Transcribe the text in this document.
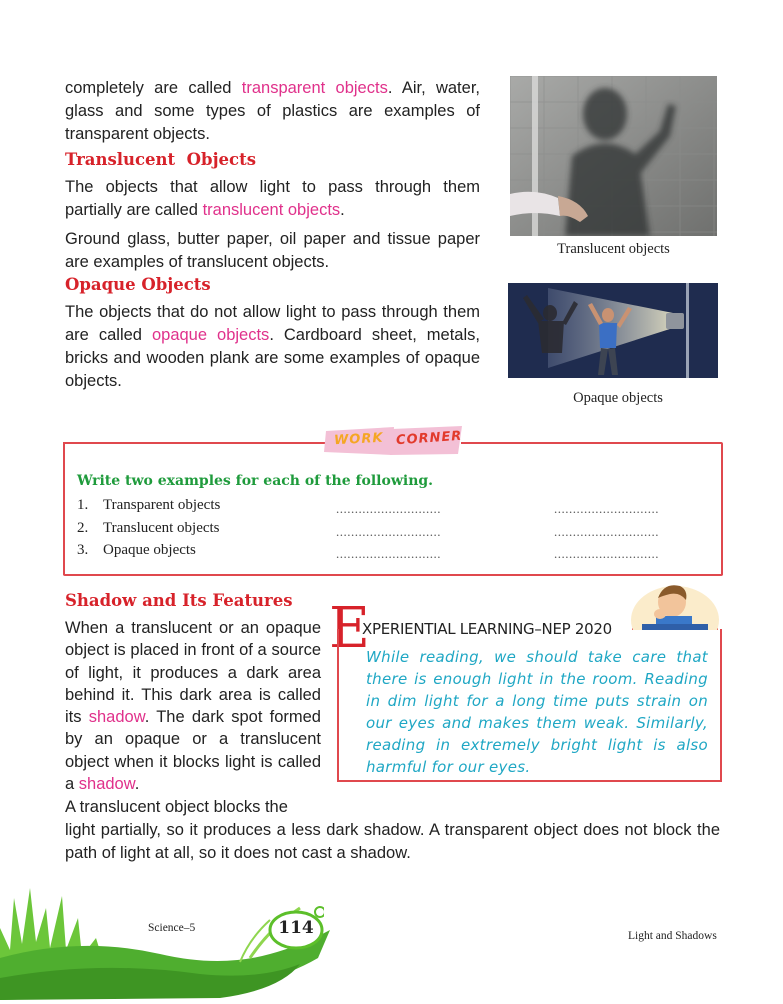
completely are called transparent objects. Air, water, glass and some types of plastics are examples of transparent objects.

Translucent  Objects

The objects that allow light to pass through them partially are called translucent objects.

Ground glass, butter paper, oil paper and tissue paper are examples of translucent objects.

Opaque Objects

The objects that do not allow light to pass through them are called opaque objects. Cardboard sheet, metals, bricks and wooden plank are some examples of opaque objects.

Translucent objects
Opaque objects
WORK CORNER
Write two examples for each of the following.
1. Transparent objects	............................	............................
2. Translucent objects	............................	............................
3. Opaque objects	............................	............................
Shadow and Its Features

When a translucent or an opaque object is placed in front of a source of light, it produces a dark area behind it. This dark area is called its shadow. The dark spot formed by an opaque or a translucent object when it blocks light is called a shadow.

A translucent object blocks the

light partially, so it produces a less dark shadow. A transparent object does not block the path of light at all, so it does not cast a shadow.

E
XPERIENTIAL LEARNING–NEP 2020
While reading, we should take care that there is enough light in the room. Reading in dim light for a long time puts strain on our eyes and makes them weak. Similarly, reading in extremely bright light is also harmful for our eyes.
Science–5	114	Light and Shadows
